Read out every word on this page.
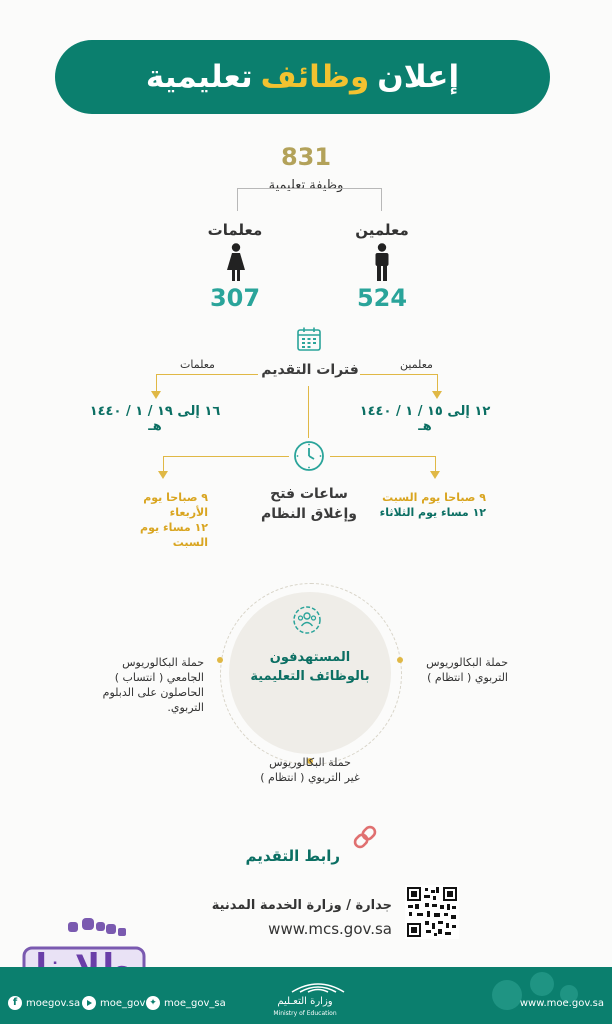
إعلان
وظائف
تعليمية
831
وظيفة تعليمية
معلمين
معلمات
524
307
فترات التقديم	معلمين
معلمات
١٢ إلى ١٥ / ١ / ١٤٤٠ هـ
١٦ إلى ١٩ / ١ / ١٤٤٠ هـ
ساعات فتح
وإغلاق النظام
٩ صباحا يوم السبت
١٢ مساء يوم الثلاثاء
٩ صباحا يوم الأربعاء
١٢ مساء يوم السبت
المستهدفون
بالوظائف التعليمية
حملة البكالوريوس
التربوي ( انتظام )
حملة البكالوريوس
الجامعي ( انتساب )
الحاصلون على الدبلوم
التربوي.
حملة البكالوريوس
غير التربوي ( انتظام )
رابط التقديم
جدارة / وزارة الخدمة المدنية
www.mcs.gov.sa
f moegov.sa moe_gov ✦ moe_gov_sa	وزارة التعـليم
Ministry of Education
www.moe.gov.sa
